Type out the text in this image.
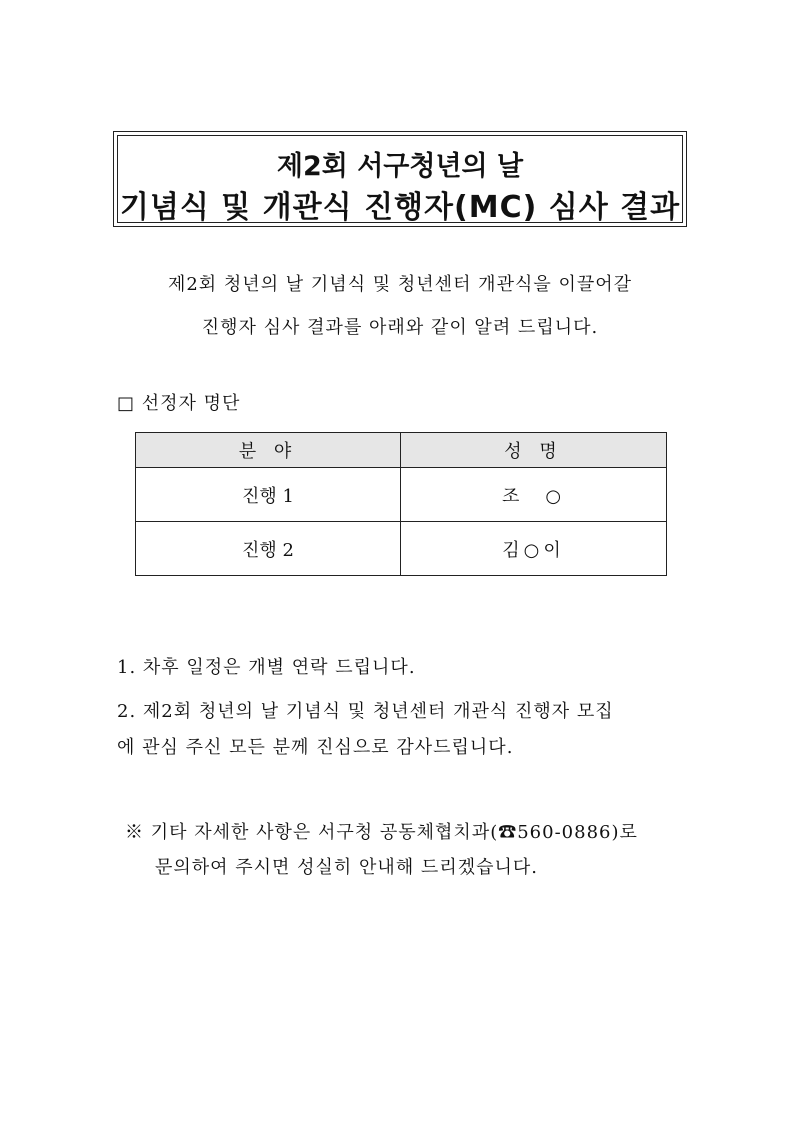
제2회 서구청년의 날
기념식 및 개관식 진행자(MC) 심사 결과
제2회 청년의 날 기념식 및 청년센터 개관식을 이끌어갈
진행자 심사 결과를 아래와 같이 알려 드립니다.
□ 선정자 명단
분 야	성 명
진행 1	조　○
진행 2	김○이
1. 차후 일정은 개별 연락 드립니다.
2. 제2회 청년의 날 기념식 및 청년센터 개관식 진행자 모집
에 관심 주신 모든 분께 진심으로 감사드립니다.
※ 기타 자세한 사항은 서구청 공동체협치과(☎560-0886)로
문의하여 주시면 성실히 안내해 드리겠습니다.
